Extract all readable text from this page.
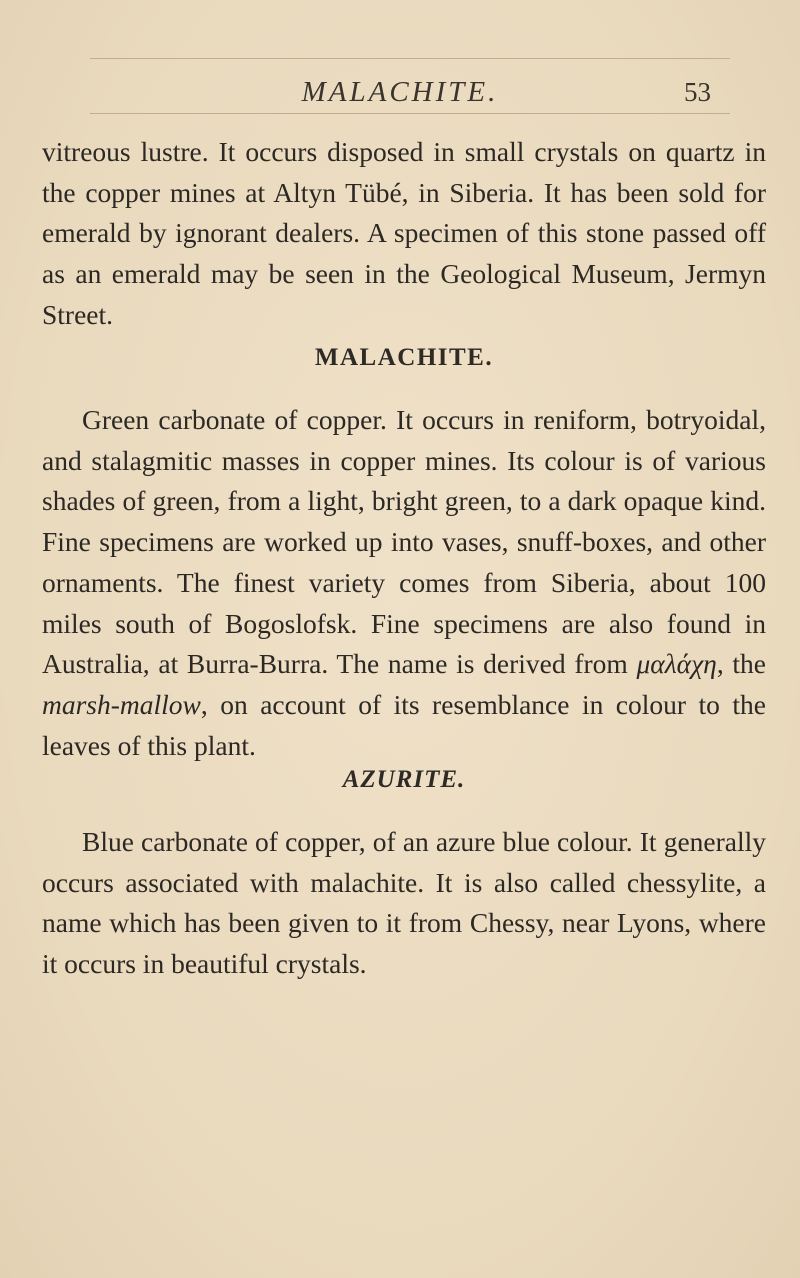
MALACHITE.	53

vitreous lustre. It occurs disposed in small crystals on quartz in the copper mines at Altyn Tübé, in Siberia. It has been sold for emerald by ignorant dealers. A specimen of this stone passed off as an emerald may be seen in the Geological Museum, Jermyn Street.

MALACHITE.

Green carbonate of copper. It occurs in reniform, botryoidal, and stalagmitic masses in copper mines. Its colour is of various shades of green, from a light, bright green, to a dark opaque kind. Fine specimens are worked up into vases, snuff-boxes, and other ornaments. The finest variety comes from Siberia, about 100 miles south of Bogoslofsk. Fine specimens are also found in Australia, at Burra-Burra. The name is derived from μαλάχη, the marsh-mallow, on account of its resemblance in colour to the leaves of this plant.

AZURITE.

Blue carbonate of copper, of an azure blue colour. It generally occurs associated with malachite. It is also called chessylite, a name which has been given to it from Chessy, near Lyons, where it occurs in beautiful crystals.
